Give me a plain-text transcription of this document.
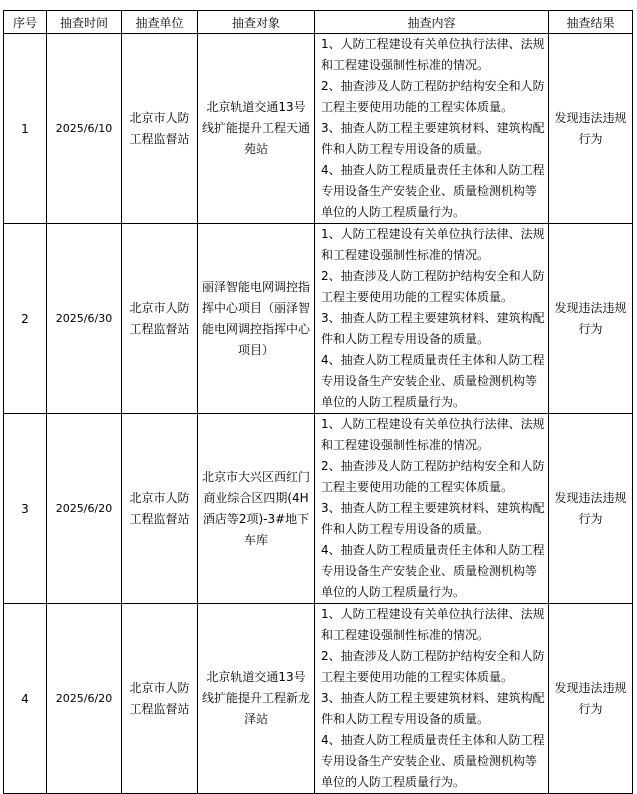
序号	抽查时间	抽查单位	抽查对象	抽查内容	抽查结果
1	2025/6/10	北京市人防工程监督站	北京轨道交通13号线扩能提升工程天通苑站	1、人防工程建设有关单位执行法律、法规和工程建设强制性标准的情况。
2、抽查涉及人防工程防护结构安全和人防工程主要使用功能的工程实体质量。
3、抽查人防工程主要建筑材料、建筑构配件和人防工程专用设备的质量。
4、抽查人防工程质量责任主体和人防工程专用设备生产安装企业、质量检测机构等单位的人防工程质量行为。	发现违法违规行为

2	2025/6/30	北京市人防工程监督站	丽泽智能电网调控指挥中心项目（丽泽智能电网调控指挥中心项目）	1、人防工程建设有关单位执行法律、法规和工程建设强制性标准的情况。
2、抽查涉及人防工程防护结构安全和人防工程主要使用功能的工程实体质量。
3、抽查人防工程主要建筑材料、建筑构配件和人防工程专用设备的质量。
4、抽查人防工程质量责任主体和人防工程专用设备生产安装企业、质量检测机构等单位的人防工程质量行为。	发现违法违规行为

3	2025/6/20	北京市人防工程监督站	北京市大兴区西红门商业综合区四期(4H酒店等2项)-3#地下车库	1、人防工程建设有关单位执行法律、法规和工程建设强制性标准的情况。
2、抽查涉及人防工程防护结构安全和人防工程主要使用功能的工程实体质量。
3、抽查人防工程主要建筑材料、建筑构配件和人防工程专用设备的质量。
4、抽查人防工程质量责任主体和人防工程专用设备生产安装企业、质量检测机构等单位的人防工程质量行为。	发现违法违规行为

4	2025/6/20	北京市人防工程监督站	北京轨道交通13号线扩能提升工程新龙泽站	1、人防工程建设有关单位执行法律、法规和工程建设强制性标准的情况。
2、抽查涉及人防工程防护结构安全和人防工程主要使用功能的工程实体质量。
3、抽查人防工程主要建筑材料、建筑构配件和人防工程专用设备的质量。
4、抽查人防工程质量责任主体和人防工程专用设备生产安装企业、质量检测机构等单位的人防工程质量行为。	发现违法违规行为
